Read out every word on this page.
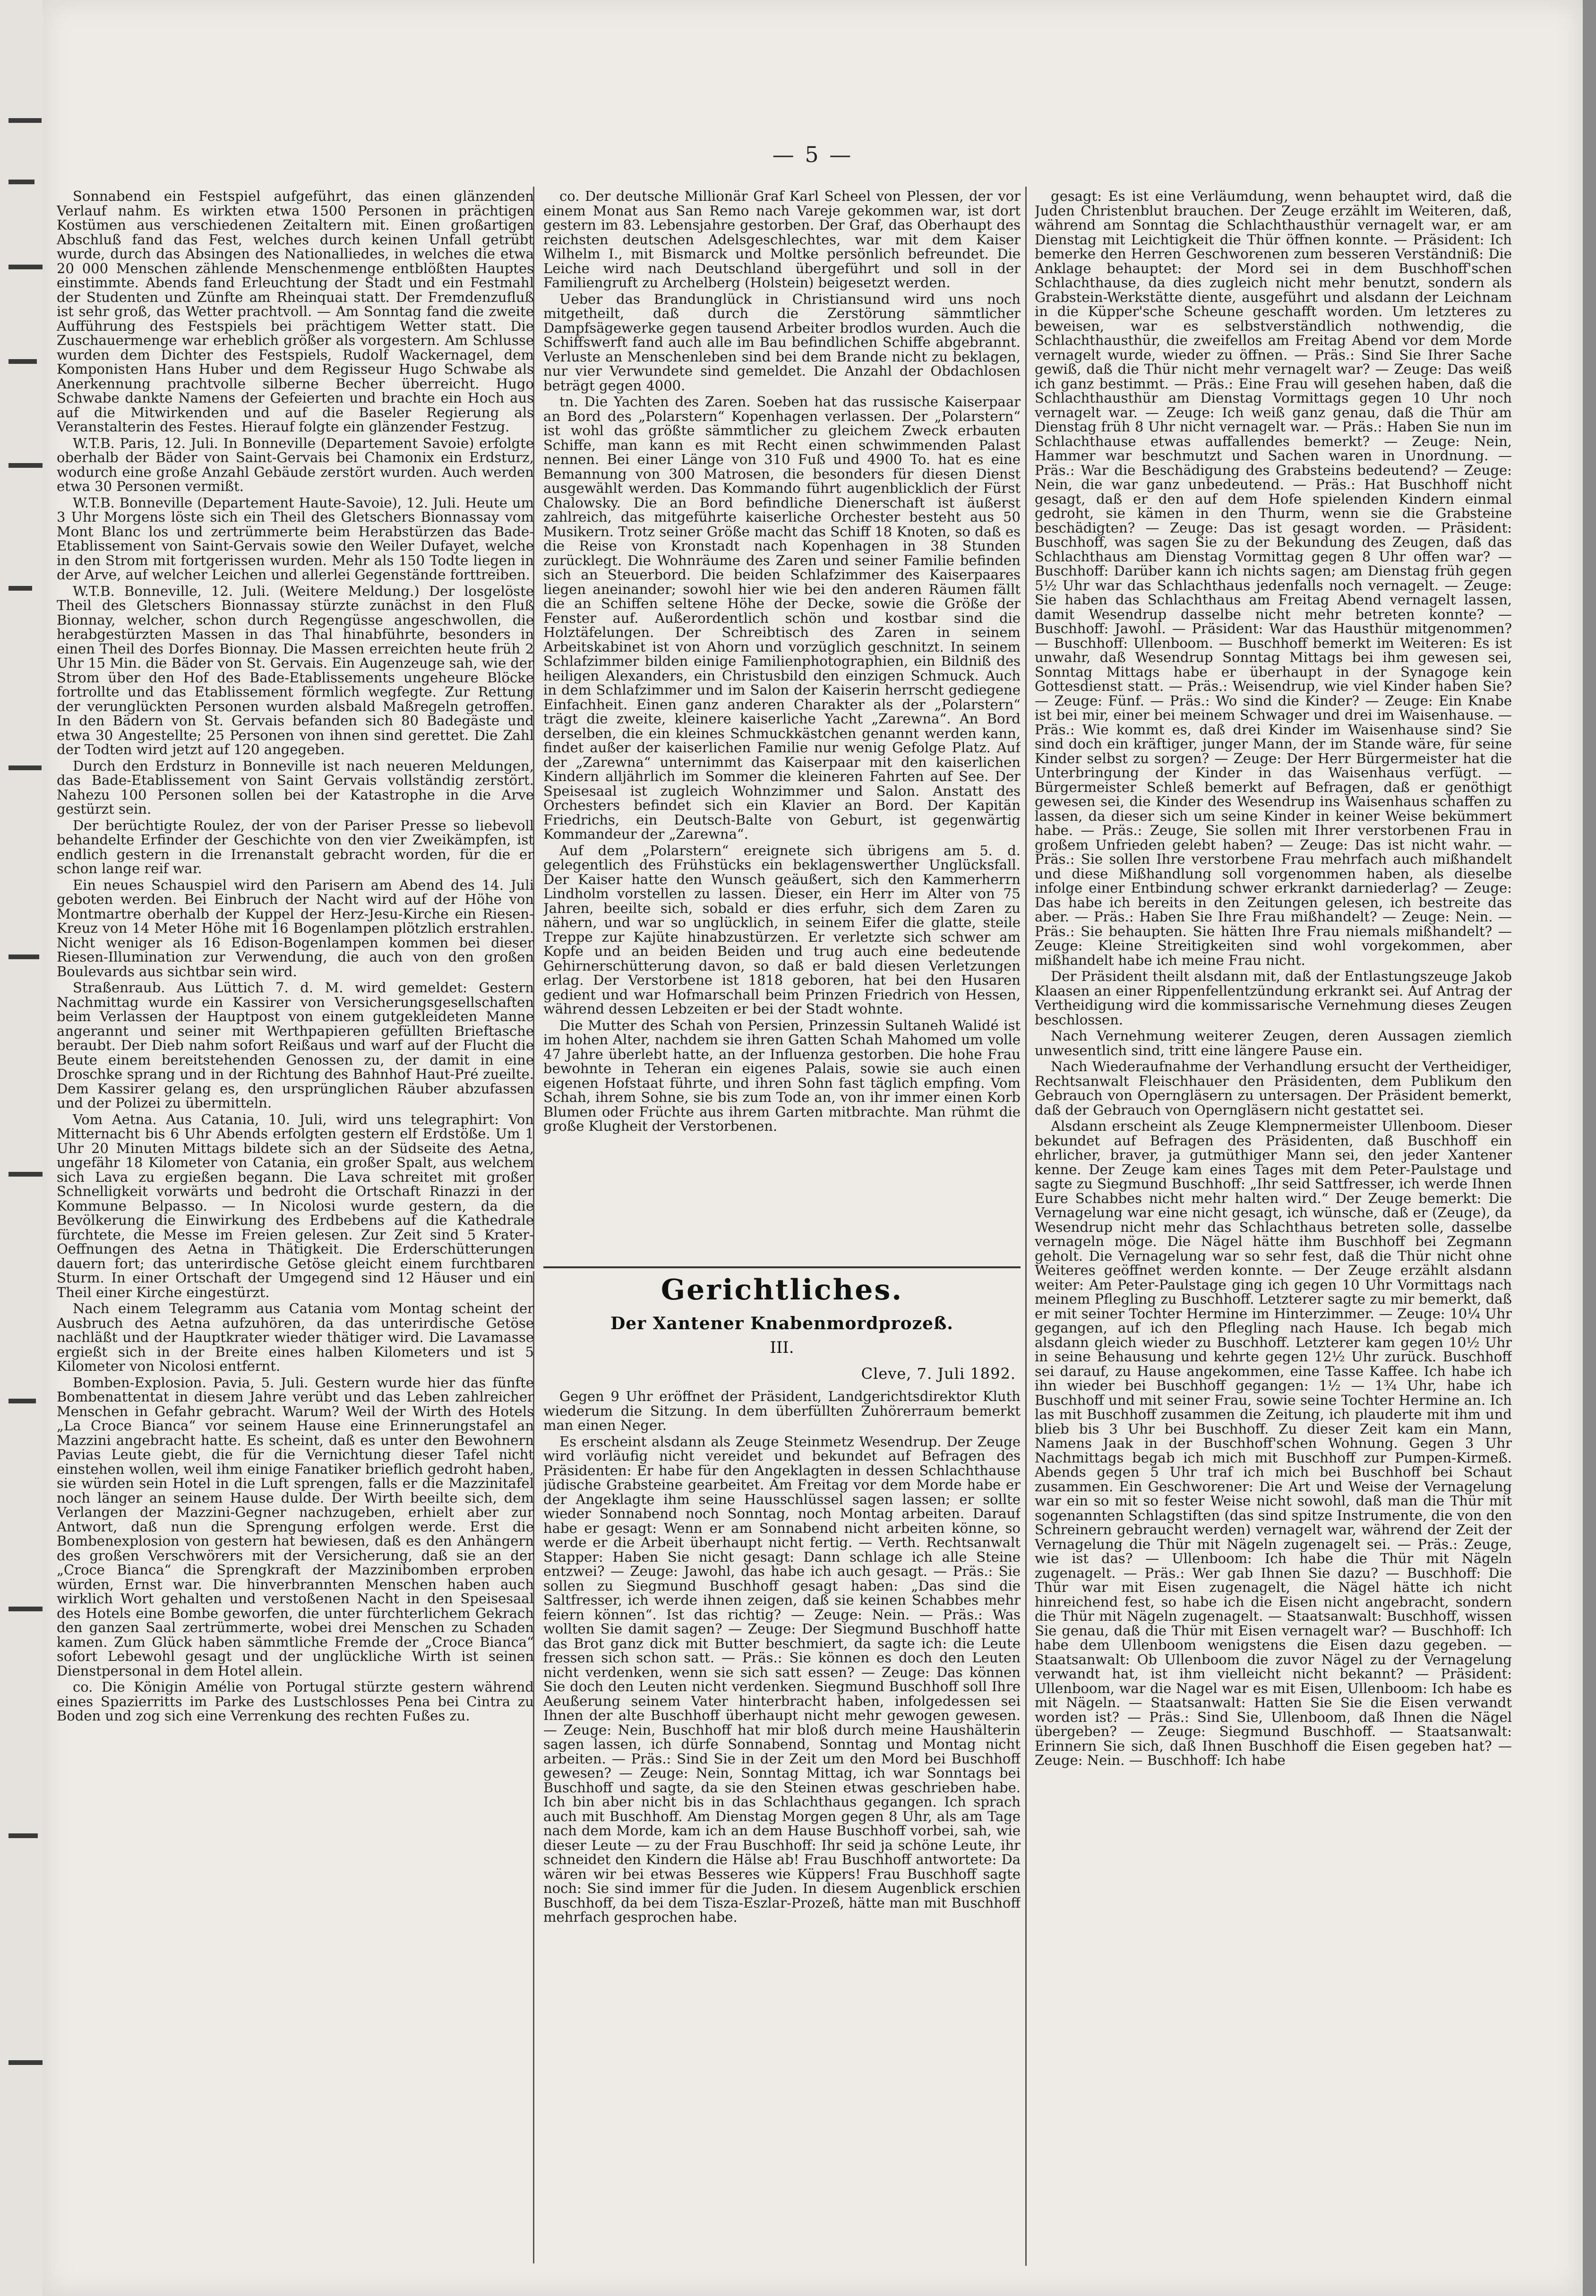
— 5 —

Sonnabend ein Festspiel aufgeführt, das einen glänzenden Verlauf nahm. Es wirkten etwa 1500 Personen in prächtigen Kostümen aus verschiedenen Zeitaltern mit. Einen großartigen Abschluß fand das Fest, welches durch keinen Unfall getrübt wurde, durch das Absingen des Nationalliedes, in welches die etwa 20 000 Menschen zählende Menschenmenge entblößten Hauptes einstimmte. Abends fand Erleuchtung der Stadt und ein Festmahl der Studenten und Zünfte am Rheinquai statt. Der Fremdenzufluß ist sehr groß, das Wetter prachtvoll. — Am Sonntag fand die zweite Aufführung des Festspiels bei prächtigem Wetter statt. Die Zuschauermenge war erheblich größer als vorgestern. Am Schlusse wurden dem Dichter des Festspiels, Rudolf Wackernagel, dem Komponisten Hans Huber und dem Regisseur Hugo Schwabe als Anerkennung prachtvolle silberne Becher überreicht. Hugo Schwabe dankte Namens der Gefeierten und brachte ein Hoch aus auf die Mitwirkenden und auf die Baseler Regierung als Veranstalterin des Festes. Hierauf folgte ein glänzender Festzug.

W.T.B. Paris, 12. Juli. In Bonneville (Departement Savoie) erfolgte oberhalb der Bäder von Saint-Gervais bei Chamonix ein Erdsturz, wodurch eine große Anzahl Gebäude zerstört wurden. Auch werden etwa 30 Personen vermißt.

W.T.B. Bonneville (Departement Haute-Savoie), 12. Juli. Heute um 3 Uhr Morgens löste sich ein Theil des Gletschers Bionnassay vom Mont Blanc los und zertrümmerte beim Herabstürzen das Bade-Etablissement von Saint-Gervais sowie den Weiler Dufayet, welche in den Strom mit fortgerissen wurden. Mehr als 150 Todte liegen in der Arve, auf welcher Leichen und allerlei Gegenstände forttreiben.

W.T.B. Bonneville, 12. Juli. (Weitere Meldung.) Der losgelöste Theil des Gletschers Bionnassay stürzte zunächst in den Fluß Bionnay, welcher, schon durch Regengüsse angeschwollen, die herabgestürzten Massen in das Thal hinabführte, besonders in einen Theil des Dorfes Bionnay. Die Massen erreichten heute früh 2 Uhr 15 Min. die Bäder von St. Gervais. Ein Augenzeuge sah, wie der Strom über den Hof des Bade-Etablissements ungeheure Blöcke fortrollte und das Etablissement förmlich wegfegte. Zur Rettung der verunglückten Personen wurden alsbald Maßregeln getroffen. In den Bädern von St. Gervais befanden sich 80 Badegäste und etwa 30 Angestellte; 25 Personen von ihnen sind gerettet. Die Zahl der Todten wird jetzt auf 120 angegeben.

Durch den Erdsturz in Bonneville ist nach neueren Meldungen, das Bade-Etablissement von Saint Gervais vollständig zerstört. Nahezu 100 Personen sollen bei der Katastrophe in die Arve gestürzt sein.

Der berüchtigte Roulez, der von der Pariser Presse so liebevoll behandelte Erfinder der Geschichte von den vier Zweikämpfen, ist endlich gestern in die Irrenanstalt gebracht worden, für die er schon lange reif war.

Ein neues Schauspiel wird den Parisern am Abend des 14. Juli geboten werden. Bei Einbruch der Nacht wird auf der Höhe von Montmartre oberhalb der Kuppel der Herz-Jesu-Kirche ein Riesen-Kreuz von 14 Meter Höhe mit 16 Bogenlampen plötzlich erstrahlen. Nicht weniger als 16 Edison-Bogenlampen kommen bei dieser Riesen-Illumination zur Verwendung, die auch von den großen Boulevards aus sichtbar sein wird.

Straßenraub. Aus Lüttich 7. d. M. wird gemeldet: Gestern Nachmittag wurde ein Kassirer von Versicherungsgesellschaften beim Verlassen der Hauptpost von einem gutgekleideten Manne angerannt und seiner mit Werthpapieren gefüllten Brieftasche beraubt. Der Dieb nahm sofort Reißaus und warf auf der Flucht die Beute einem bereitstehenden Genossen zu, der damit in eine Droschke sprang und in der Richtung des Bahnhof Haut-Pré zueilte. Dem Kassirer gelang es, den ursprünglichen Räuber abzufassen und der Polizei zu übermitteln.

Vom Aetna. Aus Catania, 10. Juli, wird uns telegraphirt: Von Mitternacht bis 6 Uhr Abends erfolgten gestern elf Erdstöße. Um 1 Uhr 20 Minuten Mittags bildete sich an der Südseite des Aetna, ungefähr 18 Kilometer von Catania, ein großer Spalt, aus welchem sich Lava zu ergießen begann. Die Lava schreitet mit großer Schnelligkeit vorwärts und bedroht die Ortschaft Rinazzi in der Kommune Belpasso. — In Nicolosi wurde gestern, da die Bevölkerung die Einwirkung des Erdbebens auf die Kathedrale fürchtete, die Messe im Freien gelesen. Zur Zeit sind 5 Krater-Oeffnungen des Aetna in Thätigkeit. Die Erderschütterungen dauern fort; das unterirdische Getöse gleicht einem furchtbaren Sturm. In einer Ortschaft der Umgegend sind 12 Häuser und ein Theil einer Kirche eingestürzt.

Nach einem Telegramm aus Catania vom Montag scheint der Ausbruch des Aetna aufzuhören, da das unterirdische Getöse nachläßt und der Hauptkrater wieder thätiger wird. Die Lavamasse ergießt sich in der Breite eines halben Kilometers und ist 5 Kilometer von Nicolosi entfernt.

Bomben-Explosion. Pavia, 5. Juli. Gestern wurde hier das fünfte Bombenattentat in diesem Jahre verübt und das Leben zahlreicher Menschen in Gefahr gebracht. Warum? Weil der Wirth des Hotels „La Croce Bianca“ vor seinem Hause eine Erinnerungstafel an Mazzini angebracht hatte. Es scheint, daß es unter den Bewohnern Pavias Leute giebt, die für die Vernichtung dieser Tafel nicht einstehen wollen, weil ihm einige Fanatiker brieflich gedroht haben, sie würden sein Hotel in die Luft sprengen, falls er die Mazzinitafel noch länger an seinem Hause dulde. Der Wirth beeilte sich, dem Verlangen der Mazzini-Gegner nachzugeben, erhielt aber zur Antwort, daß nun die Sprengung erfolgen werde. Erst die Bombenexplosion von gestern hat bewiesen, daß es den Anhängern des großen Verschwörers mit der Versicherung, daß sie an der „Croce Bianca“ die Sprengkraft der Mazzinibomben erproben würden, Ernst war. Die hinverbrannten Menschen haben auch wirklich Wort gehalten und verstoßenen Nacht in den Speisesaal des Hotels eine Bombe geworfen, die unter fürchterlichem Gekrach den ganzen Saal zertrümmerte, wobei drei Menschen zu Schaden kamen. Zum Glück haben sämmtliche Fremde der „Croce Bianca“ sofort Lebewohl gesagt und der unglückliche Wirth ist seinen Dienstpersonal in dem Hotel allein.

co. Die Königin Amélie von Portugal stürzte gestern während eines Spazierritts im Parke des Lustschlosses Pena bei Cintra zu Boden und zog sich eine Verrenkung des rechten Fußes zu.

co. Der deutsche Millionär Graf Karl Scheel von Plessen, der vor einem Monat aus San Remo nach Vareje gekommen war, ist dort gestern im 83. Lebensjahre gestorben. Der Graf, das Oberhaupt des reichsten deutschen Adelsgeschlechtes, war mit dem Kaiser Wilhelm I., mit Bismarck und Moltke persönlich befreundet. Die Leiche wird nach Deutschland übergeführt und soll in der Familiengruft zu Archelberg (Holstein) beigesetzt werden.

Ueber das Brandunglück in Christiansund wird uns noch mitgetheilt, daß durch die Zerstörung sämmtlicher Dampfsägewerke gegen tausend Arbeiter brodlos wurden. Auch die Schiffswerft fand auch alle im Bau befindlichen Schiffe abgebrannt. Verluste an Menschenleben sind bei dem Brande nicht zu beklagen, nur vier Verwundete sind gemeldet. Die Anzahl der Obdachlosen beträgt gegen 4000.

tn. Die Yachten des Zaren. Soeben hat das russische Kaiserpaar an Bord des „Polarstern“ Kopenhagen verlassen. Der „Polarstern“ ist wohl das größte sämmtlicher zu gleichem Zweck erbauten Schiffe, man kann es mit Recht einen schwimmenden Palast nennen. Bei einer Länge von 310 Fuß und 4900 To. hat es eine Bemannung von 300 Matrosen, die besonders für diesen Dienst ausgewählt werden. Das Kommando führt augenblicklich der Fürst Chalowsky. Die an Bord befindliche Dienerschaft ist äußerst zahlreich, das mitgeführte kaiserliche Orchester besteht aus 50 Musikern. Trotz seiner Größe macht das Schiff 18 Knoten, so daß es die Reise von Kronstadt nach Kopenhagen in 38 Stunden zurücklegt. Die Wohnräume des Zaren und seiner Familie befinden sich an Steuerbord. Die beiden Schlafzimmer des Kaiserpaares liegen aneinander; sowohl hier wie bei den anderen Räumen fällt die an Schiffen seltene Höhe der Decke, sowie die Größe der Fenster auf. Außerordentlich schön und kostbar sind die Holztäfelungen. Der Schreibtisch des Zaren in seinem Arbeitskabinet ist von Ahorn und vorzüglich geschnitzt. In seinem Schlafzimmer bilden einige Familienphotographien, ein Bildniß des heiligen Alexanders, ein Christusbild den einzigen Schmuck. Auch in dem Schlafzimmer und im Salon der Kaiserin herrscht gediegene Einfachheit. Einen ganz anderen Charakter als der „Polarstern“ trägt die zweite, kleinere kaiserliche Yacht „Zarewna“. An Bord derselben, die ein kleines Schmuckkästchen genannt werden kann, findet außer der kaiserlichen Familie nur wenig Gefolge Platz. Auf der „Zarewna“ unternimmt das Kaiserpaar mit den kaiserlichen Kindern alljährlich im Sommer die kleineren Fahrten auf See. Der Speisesaal ist zugleich Wohnzimmer und Salon. Anstatt des Orchesters befindet sich ein Klavier an Bord. Der Kapitän Friedrichs, ein Deutsch-Balte von Geburt, ist gegenwärtig Kommandeur der „Zarewna“.

Auf dem „Polarstern“ ereignete sich übrigens am 5. d. gelegentlich des Frühstücks ein beklagenswerther Unglücksfall. Der Kaiser hatte den Wunsch geäußert, sich den Kammerherrn Lindholm vorstellen zu lassen. Dieser, ein Herr im Alter von 75 Jahren, beeilte sich, sobald er dies erfuhr, sich dem Zaren zu nähern, und war so unglücklich, in seinem Eifer die glatte, steile Treppe zur Kajüte hinabzustürzen. Er verletzte sich schwer am Kopfe und an beiden Beiden und trug auch eine bedeutende Gehirnerschütterung davon, so daß er bald diesen Verletzungen erlag. Der Verstorbene ist 1818 geboren, hat bei den Husaren gedient und war Hofmarschall beim Prinzen Friedrich von Hessen, während dessen Lebzeiten er bei der Stadt wohnte.

Die Mutter des Schah von Persien, Prinzessin Sultaneh Walidé ist im hohen Alter, nachdem sie ihren Gatten Schah Mahomed um volle 47 Jahre überlebt hatte, an der Influenza gestorben. Die hohe Frau bewohnte in Teheran ein eigenes Palais, sowie sie auch einen eigenen Hofstaat führte, und ihren Sohn fast täglich empfing. Vom Schah, ihrem Sohne, sie bis zum Tode an, von ihr immer einen Korb Blumen oder Früchte aus ihrem Garten mitbrachte. Man rühmt die große Klugheit der Verstorbenen.

Gerichtliches.
Der Xantener Knabenmordprozeß.
III.
Cleve, 7. Juli 1892.

Gegen 9 Uhr eröffnet der Präsident, Landgerichtsdirektor Kluth wiederum die Sitzung. In dem überfüllten Zuhörerraum bemerkt man einen Neger.

Es erscheint alsdann als Zeuge Steinmetz Wesendrup. Der Zeuge wird vorläufig nicht vereidet und bekundet auf Befragen des Präsidenten: Er habe für den Angeklagten in dessen Schlachthause jüdische Grabsteine gearbeitet. Am Freitag vor dem Morde habe er der Angeklagte ihm seine Hausschlüssel sagen lassen; er sollte wieder Sonnabend noch Sonntag, noch Montag arbeiten. Darauf habe er gesagt: Wenn er am Sonnabend nicht arbeiten könne, so werde er die Arbeit überhaupt nicht fertig. — Verth. Rechtsanwalt Stapper: Haben Sie nicht gesagt: Dann schlage ich alle Steine entzwei? — Zeuge: Jawohl, das habe ich auch gesagt. — Präs.: Sie sollen zu Siegmund Buschhoff gesagt haben: „Das sind die Saltfresser, ich werde ihnen zeigen, daß sie keinen Schabbes mehr feiern können“. Ist das richtig? — Zeuge: Nein. — Präs.: Was wollten Sie damit sagen? — Zeuge: Der Siegmund Buschhoff hatte das Brot ganz dick mit Butter beschmiert, da sagte ich: die Leute fressen sich schon satt. — Präs.: Sie können es doch den Leuten nicht verdenken, wenn sie sich satt essen? — Zeuge: Das können Sie doch den Leuten nicht verdenken. Siegmund Buschhoff soll Ihre Aeußerung seinem Vater hinterbracht haben, infolgedessen sei Ihnen der alte Buschhoff überhaupt nicht mehr gewogen gewesen. — Zeuge: Nein, Buschhoff hat mir bloß durch meine Haushälterin sagen lassen, ich dürfe Sonnabend, Sonntag und Montag nicht arbeiten. — Präs.: Sind Sie in der Zeit um den Mord bei Buschhoff gewesen? — Zeuge: Nein, Sonntag Mittag, ich war Sonntags bei Buschhoff und sagte, da sie den Steinen etwas geschrieben habe. Ich bin aber nicht bis in das Schlachthaus gegangen. Ich sprach auch mit Buschhoff. Am Dienstag Morgen gegen 8 Uhr, als am Tage nach dem Morde, kam ich an dem Hause Buschhoff vorbei, sah, wie dieser Leute — zu der Frau Buschhoff: Ihr seid ja schöne Leute, ihr schneidet den Kindern die Hälse ab! Frau Buschhoff antwortete: Da wären wir bei etwas Besseres wie Küppers! Frau Buschhoff sagte noch: Sie sind immer für die Juden. In diesem Augenblick erschien Buschhoff, da bei dem Tisza-Eszlar-Prozeß, hätte man mit Buschhoff mehrfach gesprochen habe.

gesagt: Es ist eine Verläumdung, wenn behauptet wird, daß die Juden Christenblut brauchen. Der Zeuge erzählt im Weiteren, daß, während am Sonntag die Schlachthausthür vernagelt war, er am Dienstag mit Leichtigkeit die Thür öffnen konnte. — Präsident: Ich bemerke den Herren Geschworenen zum besseren Verständniß: Die Anklage behauptet: der Mord sei in dem Buschhoff'schen Schlachthause, da dies zugleich nicht mehr benutzt, sondern als Grabstein-Werkstätte diente, ausgeführt und alsdann der Leichnam in die Küpper'sche Scheune geschafft worden. Um letzteres zu beweisen, war es selbstverständlich nothwendig, die Schlachthausthür, die zweifellos am Freitag Abend vor dem Morde vernagelt wurde, wieder zu öffnen. — Präs.: Sind Sie Ihrer Sache gewiß, daß die Thür nicht mehr vernagelt war? — Zeuge: Das weiß ich ganz bestimmt. — Präs.: Eine Frau will gesehen haben, daß die Schlachthausthür am Dienstag Vormittags gegen 10 Uhr noch vernagelt war. — Zeuge: Ich weiß ganz genau, daß die Thür am Dienstag früh 8 Uhr nicht vernagelt war. — Präs.: Haben Sie nun im Schlachthause etwas auffallendes bemerkt? — Zeuge: Nein, Hammer war beschmutzt und Sachen waren in Unordnung. — Präs.: War die Beschädigung des Grabsteins bedeutend? — Zeuge: Nein, die war ganz unbedeutend. — Präs.: Hat Buschhoff nicht gesagt, daß er den auf dem Hofe spielenden Kindern einmal gedroht, sie kämen in den Thurm, wenn sie die Grabsteine beschädigten? — Zeuge: Das ist gesagt worden. — Präsident: Buschhoff, was sagen Sie zu der Bekundung des Zeugen, daß das Schlachthaus am Dienstag Vormittag gegen 8 Uhr offen war? — Buschhoff: Darüber kann ich nichts sagen; am Dienstag früh gegen 5½ Uhr war das Schlachthaus jedenfalls noch vernagelt. — Zeuge: Sie haben das Schlachthaus am Freitag Abend vernagelt lassen, damit Wesendrup dasselbe nicht mehr betreten konnte? — Buschhoff: Jawohl. — Präsident: War das Hausthür mitgenommen? — Buschhoff: Ullenboom. — Buschhoff bemerkt im Weiteren: Es ist unwahr, daß Wesendrup Sonntag Mittags bei ihm gewesen sei, Sonntag Mittags habe er überhaupt in der Synagoge kein Gottesdienst statt. — Präs.: Weisendrup, wie viel Kinder haben Sie? — Zeuge: Fünf. — Präs.: Wo sind die Kinder? — Zeuge: Ein Knabe ist bei mir, einer bei meinem Schwager und drei im Waisenhause. — Präs.: Wie kommt es, daß drei Kinder im Waisenhause sind? Sie sind doch ein kräftiger, junger Mann, der im Stande wäre, für seine Kinder selbst zu sorgen? — Zeuge: Der Herr Bürgermeister hat die Unterbringung der Kinder in das Waisenhaus verfügt. — Bürgermeister Schleß bemerkt auf Befragen, daß er genöthigt gewesen sei, die Kinder des Wesendrup ins Waisenhaus schaffen zu lassen, da dieser sich um seine Kinder in keiner Weise bekümmert habe. — Präs.: Zeuge, Sie sollen mit Ihrer verstorbenen Frau in großem Unfrieden gelebt haben? — Zeuge: Das ist nicht wahr. — Präs.: Sie sollen Ihre verstorbene Frau mehrfach auch mißhandelt und diese Mißhandlung soll vorgenommen haben, als dieselbe infolge einer Entbindung schwer erkrankt darniederlag? — Zeuge: Das habe ich bereits in den Zeitungen gelesen, ich bestreite das aber. — Präs.: Haben Sie Ihre Frau mißhandelt? — Zeuge: Nein. — Präs.: Sie behaupten. Sie hätten Ihre Frau niemals mißhandelt? — Zeuge: Kleine Streitigkeiten sind wohl vorgekommen, aber mißhandelt habe ich meine Frau nicht.

Der Präsident theilt alsdann mit, daß der Entlastungszeuge Jakob Klaasen an einer Rippenfellentzündung erkrankt sei. Auf Antrag der Vertheidigung wird die kommissarische Vernehmung dieses Zeugen beschlossen.

Nach Vernehmung weiterer Zeugen, deren Aussagen ziemlich unwesentlich sind, tritt eine längere Pause ein.

Nach Wiederaufnahme der Verhandlung ersucht der Vertheidiger, Rechtsanwalt Fleischhauer den Präsidenten, dem Publikum den Gebrauch von Operngläsern zu untersagen. Der Präsident bemerkt, daß der Gebrauch von Operngläsern nicht gestattet sei.

Alsdann erscheint als Zeuge Klempnermeister Ullenboom. Dieser bekundet auf Befragen des Präsidenten, daß Buschhoff ein ehrlicher, braver, ja gutmüthiger Mann sei, den jeder Xantener kenne. Der Zeuge kam eines Tages mit dem Peter-Paulstage und sagte zu Siegmund Buschhoff: „Ihr seid Sattfresser, ich werde Ihnen Eure Schabbes nicht mehr halten wird.“ Der Zeuge bemerkt: Die Vernagelung war eine nicht gesagt, ich wünsche, daß er (Zeuge), da Wesendrup nicht mehr das Schlachthaus betreten solle, dasselbe vernageln möge. Die Nägel hätte ihm Buschhoff bei Zegmann geholt. Die Vernagelung war so sehr fest, daß die Thür nicht ohne Weiteres geöffnet werden konnte. — Der Zeuge erzählt alsdann weiter: Am Peter-Paulstage ging ich gegen 10 Uhr Vormittags nach meinem Pflegling zu Buschhoff. Letzterer sagte zu mir bemerkt, daß er mit seiner Tochter Hermine im Hinterzimmer. — Zeuge: 10¼ Uhr gegangen, auf ich den Pflegling nach Hause. Ich begab mich alsdann gleich wieder zu Buschhoff. Letzterer kam gegen 10½ Uhr in seine Behausung und kehrte gegen 12½ Uhr zurück. Buschhoff sei darauf, zu Hause angekommen, eine Tasse Kaffee. Ich habe ich ihn wieder bei Buschhoff gegangen: 1½ — 1¾ Uhr, habe ich Buschhoff und mit seiner Frau, sowie seine Tochter Hermine an. Ich las mit Buschhoff zusammen die Zeitung, ich plauderte mit ihm und blieb bis 3 Uhr bei Buschhoff. Zu dieser Zeit kam ein Mann, Namens Jaak in der Buschhoff'schen Wohnung. Gegen 3 Uhr Nachmittags begab ich mich mit Buschhoff zur Pumpen-Kirmeß. Abends gegen 5 Uhr traf ich mich bei Buschhoff bei Schaut zusammen. Ein Geschworener: Die Art und Weise der Vernagelung war ein so mit so fester Weise nicht sowohl, daß man die Thür mit sogenannten Schlagstiften (das sind spitze Instrumente, die von den Schreinern gebraucht werden) vernagelt war, während der Zeit der Vernagelung die Thür mit Nägeln zugenagelt sei. — Präs.: Zeuge, wie ist das? — Ullenboom: Ich habe die Thür mit Nägeln zugenagelt. — Präs.: Wer gab Ihnen Sie dazu? — Buschhoff: Die Thür war mit Eisen zugenagelt, die Nägel hätte ich nicht hinreichend fest, so habe ich die Eisen nicht angebracht, sondern die Thür mit Nägeln zugenagelt. — Staatsanwalt: Buschhoff, wissen Sie genau, daß die Thür mit Eisen vernagelt war? — Buschhoff: Ich habe dem Ullenboom wenigstens die Eisen dazu gegeben. — Staatsanwalt: Ob Ullenboom die zuvor Nägel zu der Vernagelung verwandt hat, ist ihm vielleicht nicht bekannt? — Präsident: Ullenboom, war die Nagel war es mit Eisen, Ullenboom: Ich habe es mit Nägeln. — Staatsanwalt: Hatten Sie Sie die Eisen verwandt worden ist? — Präs.: Sind Sie, Ullenboom, daß Ihnen die Nägel übergeben? — Zeuge: Siegmund Buschhoff. — Staatsanwalt: Erinnern Sie sich, daß Ihnen Buschhoff die Eisen gegeben hat? — Zeuge: Nein. — Buschhoff: Ich habe
